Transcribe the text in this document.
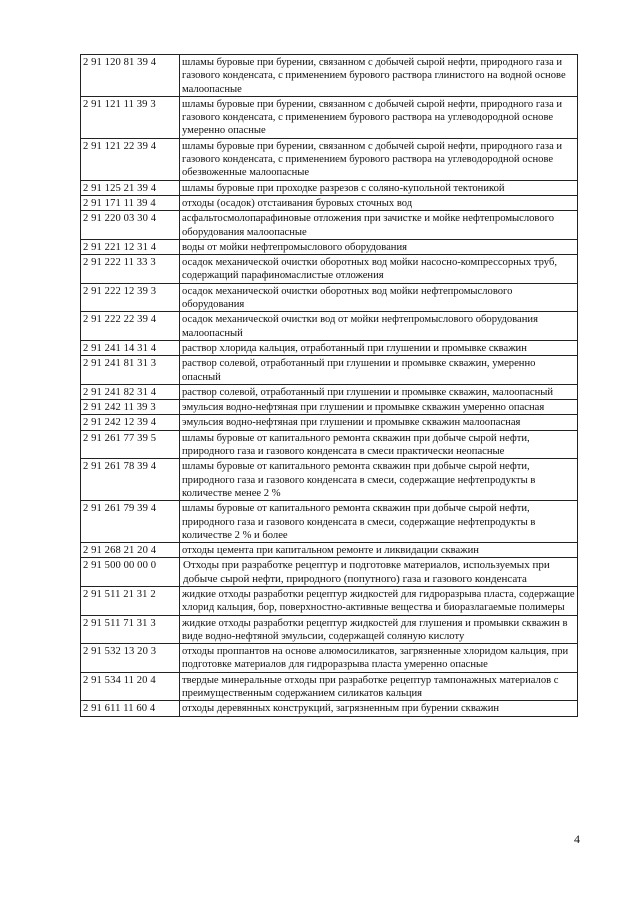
2 91 120 81 39 4	шламы буровые при бурении, связанном с добычей сырой нефти, природного газа и газового конденсата, с применением бурового раствора глинистого на водной основе малоопасные
2 91 121 11 39 3	шламы буровые при бурении, связанном с добычей сырой нефти, природного газа и газового конденсата, с применением бурового раствора на углеводородной основе умеренно опасные
2 91 121 22 39 4	шламы буровые при бурении, связанном с добычей сырой нефти, природного газа и газового конденсата, с применением бурового раствора на углеводородной основе обезвоженные малоопасные
2 91 125 21 39 4	шламы буровые при проходке разрезов с соляно-купольной тектоникой
2 91 171 11 39 4	отходы (осадок) отстаивания буровых сточных вод
2 91 220 03 30 4	асфальтосмолопарафиновые отложения при зачистке и мойке нефтепромыслового оборудования малоопасные
2 91 221 12 31 4	воды от мойки нефтепромыслового оборудования
2 91 222 11 33 3	осадок механической очистки оборотных вод мойки насосно-компрессорных труб, содержащий парафиномаслистые отложения
2 91 222 12 39 3	осадок механической очистки оборотных вод мойки нефтепромыслового оборудования
2 91 222 22 39 4	осадок механической очистки вод от мойки нефтепромыслового оборудования малоопасный
2 91 241 14 31 4	раствор хлорида кальция, отработанный при глушении и промывке скважин
2 91 241 81 31 3	раствор солевой, отработанный при глушении и промывке скважин, умеренно опасный
2 91 241 82 31 4	раствор солевой, отработанный при глушении и промывке скважин, малоопасный
2 91 242 11 39 3	эмульсия водно-нефтяная при глушении и промывке скважин умеренно опасная
2 91 242 12 39 4	эмульсия водно-нефтяная при глушении и промывке скважин малоопасная
2 91 261 77 39 5	шламы буровые от капитального ремонта скважин при добыче сырой нефти, природного газа и газового конденсата в смеси практически неопасные
2 91 261 78 39 4	шламы буровые от капитального ремонта скважин при добыче сырой нефти, природного газа и газового конденсата в смеси, содержащие нефтепродукты в количестве менее 2 %
2 91 261 79 39 4	шламы буровые от капитального ремонта скважин при добыче сырой нефти, природного газа и газового конденсата в смеси, содержащие нефтепродукты в количестве 2 % и более
2 91 268 21 20 4	отходы цемента при капитальном ремонте и ликвидации скважин
2 91 500 00 00 0	Отходы при разработке рецептур и подготовке материалов, используемых при добыче сырой нефти, природного (попутного) газа и газового конденсата
2 91 511 21 31 2	жидкие отходы разработки рецептур жидкостей для гидроразрыва пласта, содержащие хлорид кальция, бор, поверхностно-активные вещества и биоразлагаемые полимеры
2 91 511 71 31 3	жидкие отходы разработки рецептур жидкостей для глушения и промывки скважин в виде водно-нефтяной эмульсии, содержащей соляную кислоту
2 91 532 13 20 3	отходы проппантов на основе алюмосиликатов, загрязненные хлоридом кальция, при подготовке материалов для гидроразрыва пласта умеренно опасные
2 91 534 11 20 4	твердые минеральные отходы при разработке рецептур тампонажных материалов с преимущественным содержанием силикатов кальция
2 91 611 11 60 4	отходы деревянных конструкций, загрязненным при бурении скважин
4
